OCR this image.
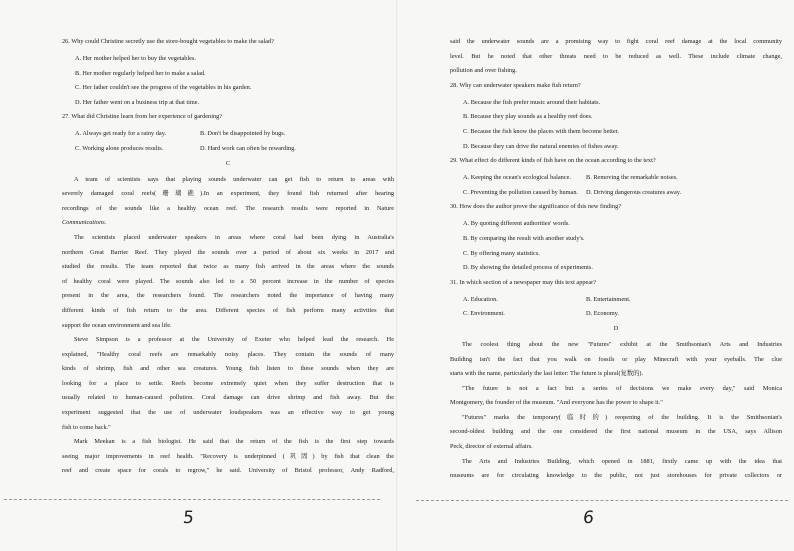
26. Why could Christine secretly use the store-bought vegetables to make the salad?
A. Her mother helped her to buy the vegetables.
B. Her mother regularly helped her to make a salad.
C. Her father couldn't see the progress of the vegetables in his garden.
D. Her father went on a business trip at that time.
27. What did Christine learn from her experience of gardening?
A. Always get ready for a rainy day.	B. Don't be disappointed by bugs.
C. Working alone produces results.	D. Hard work can often be rewarding.
C
A team of scientists says that playing sounds underwater can get fish to return to areas with
severely damaged coral reefs(珊瑚礁).In an experiment, they found fish returned after hearing
recordings of the sounds like a healthy ocean reef. The research results were reported in Nature
Communications.
The scientists placed underwater speakers in areas where coral had been dying in Australia's
northern Great Barrier Reef. They played the sounds over a period of about six weeks in 2017 and
studied the results. The team reported that twice as many fish arrived in the areas where the sounds
of healthy coral were played. The sounds also led to a 50 percent increase in the number of species
present in the area, the researchers found. The researchers noted the importance of having many
different kinds of fish return to the area. Different species of fish perform many activities that
support the ocean environment and sea life.
Steve Simpson is a professor at the University of Exeter who helped lead the research. He
explained, "Healthy coral reefs are remarkably noisy places. They contain the sounds of many
kinds of shrimp, fish and other sea creatures. Young fish listen to these sounds when they are
looking for a place to settle. Reefs become extremely quiet when they suffer destruction that is
usually related to human-caused pollution. Coral damage can drive shrimp and fish away. But the
experiment suggested that the use of underwater loudspeakers was an effective way to get young
fish to come back."
Mark Meekan is a fish biologist. He said that the return of the fish is the first step towards
seeing major improvements in reef health. "Recovery is underpinned (巩固) by fish that clean the
reef and create space for corals to regrow," he said. University of Bristol professor, Andy Radford,
said the underwater sounds are a promising way to fight coral reef damage at the local community
level. But he noted that other threats need to be reduced as well. These include climate change,
pollution and over fishing.
28. Why can underwater speakers make fish return?
A. Because the fish prefer music around their habitats.
B. Because they play sounds as a healthy reef does.
C. Because the fish know the places with them become better.
D. Because they can drive the natural enemies of fishes away.
29. What effect do different kinds of fish have on the ocean according to the text?
A. Keeping the ocean's ecological balance.	B. Removing the remarkable noises.
C. Preventing the pollution caused by human.	D. Driving dangerous creatures away.
30. How does the author prove the significance of this new finding?
A. By quoting different authorities' words.
B. By comparing the result with another study's.
C. By offering many statistics.
D. By showing the detailed process of experiments.
31. In which section of a newspaper may this text appear?
A. Education.	B. Entertainment.
C. Environment.	D. Economy.
D
The coolest thing about the new "Futures" exhibit at the Smithsonian's Arts and Industries
Building isn't the fact that you walk on fossils or play Minecraft with your eyeballs. The clue
starts with the name, particularly the last letter: The future is plural(复数的).
"The future is not a fact but a series of decisions we make every day," said Monica
Montgomery, the founder of the museum. "And everyone has the power to shape it."
"Futures" marks the temporary(临时的) reopening of the building. It is the Smithsonian's
second-oldest building and the one considered the first national museum in the USA, says Allison
Peck, director of external affairs.
The Arts and Industries Building, which opened in 1881, firstly came up with the idea that
museums are for circulating knowledge to the public, not just storehouses for private collectors or
5	6
